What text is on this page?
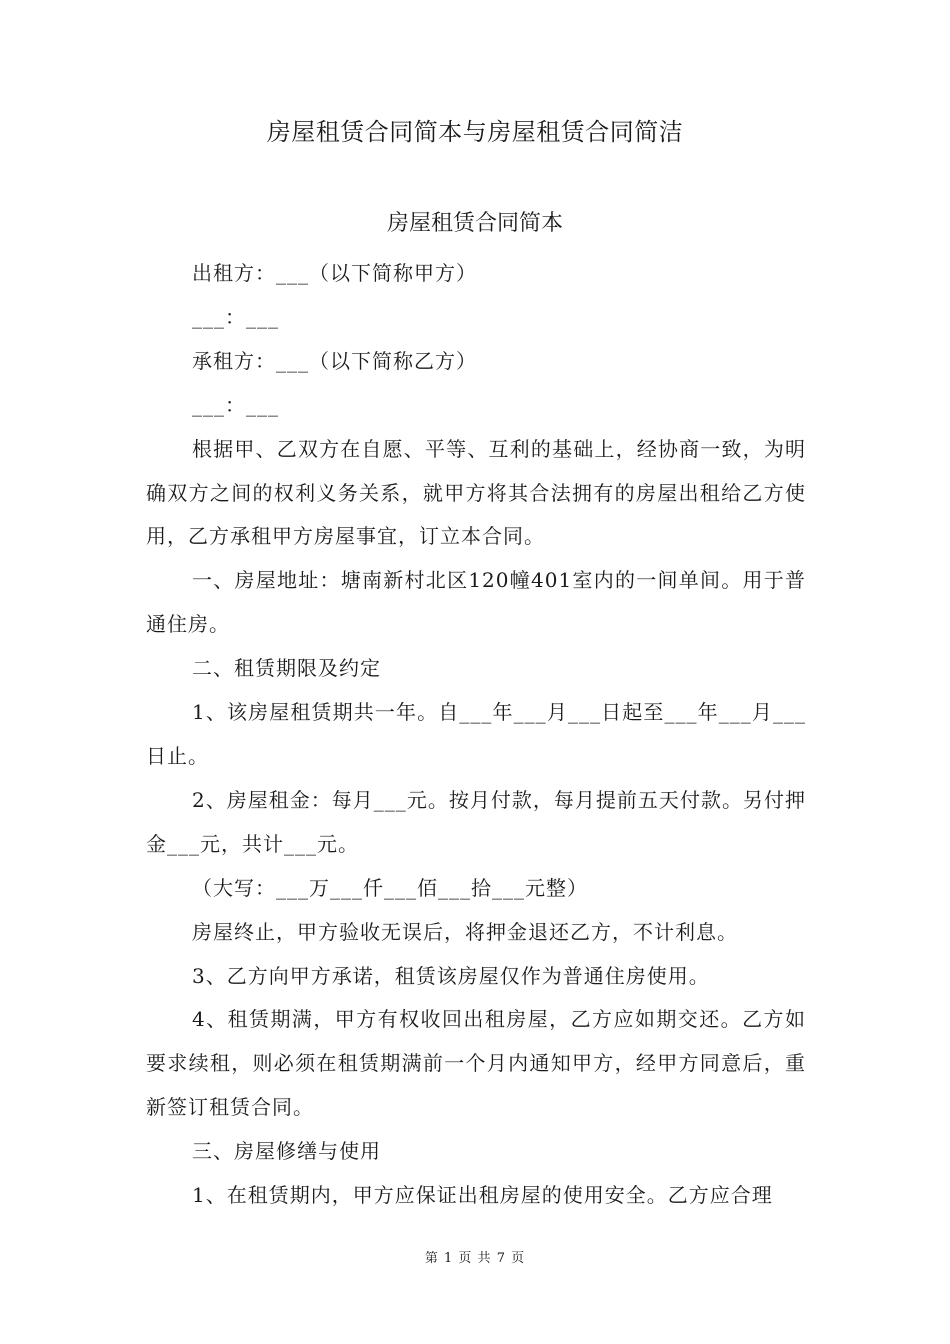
房屋租赁合同简本与房屋租赁合同简洁
房屋租赁合同简本

出租方：___（以下简称甲方）

___：___

承租方：___（以下简称乙方）

___：___

根据甲、乙双方在自愿、平等、互利的基础上，经协商一致，为明确双方之间的权利义务关系，就甲方将其合法拥有的房屋出租给乙方使用，乙方承租甲方房屋事宜，订立本合同。

一、房屋地址：塘南新村北区120幢401室内的一间单间。用于普通住房。

二、租赁期限及约定

1、该房屋租赁期共一年。自___年___月___日起至___年___月___日止。

2、房屋租金：每月___元。按月付款，每月提前五天付款。另付押金___元，共计___元。

（大写：___万___仟___佰___拾___元整）

房屋终止，甲方验收无误后，将押金退还乙方，不计利息。

3、乙方向甲方承诺，租赁该房屋仅作为普通住房使用。

4、租赁期满，甲方有权收回出租房屋，乙方应如期交还。乙方如要求续租，则必须在租赁期满前一个月内通知甲方，经甲方同意后，重新签订租赁合同。

三、房屋修缮与使用

1、在租赁期内，甲方应保证出租房屋的使用安全。乙方应合理

第 1 页 共 7 页
